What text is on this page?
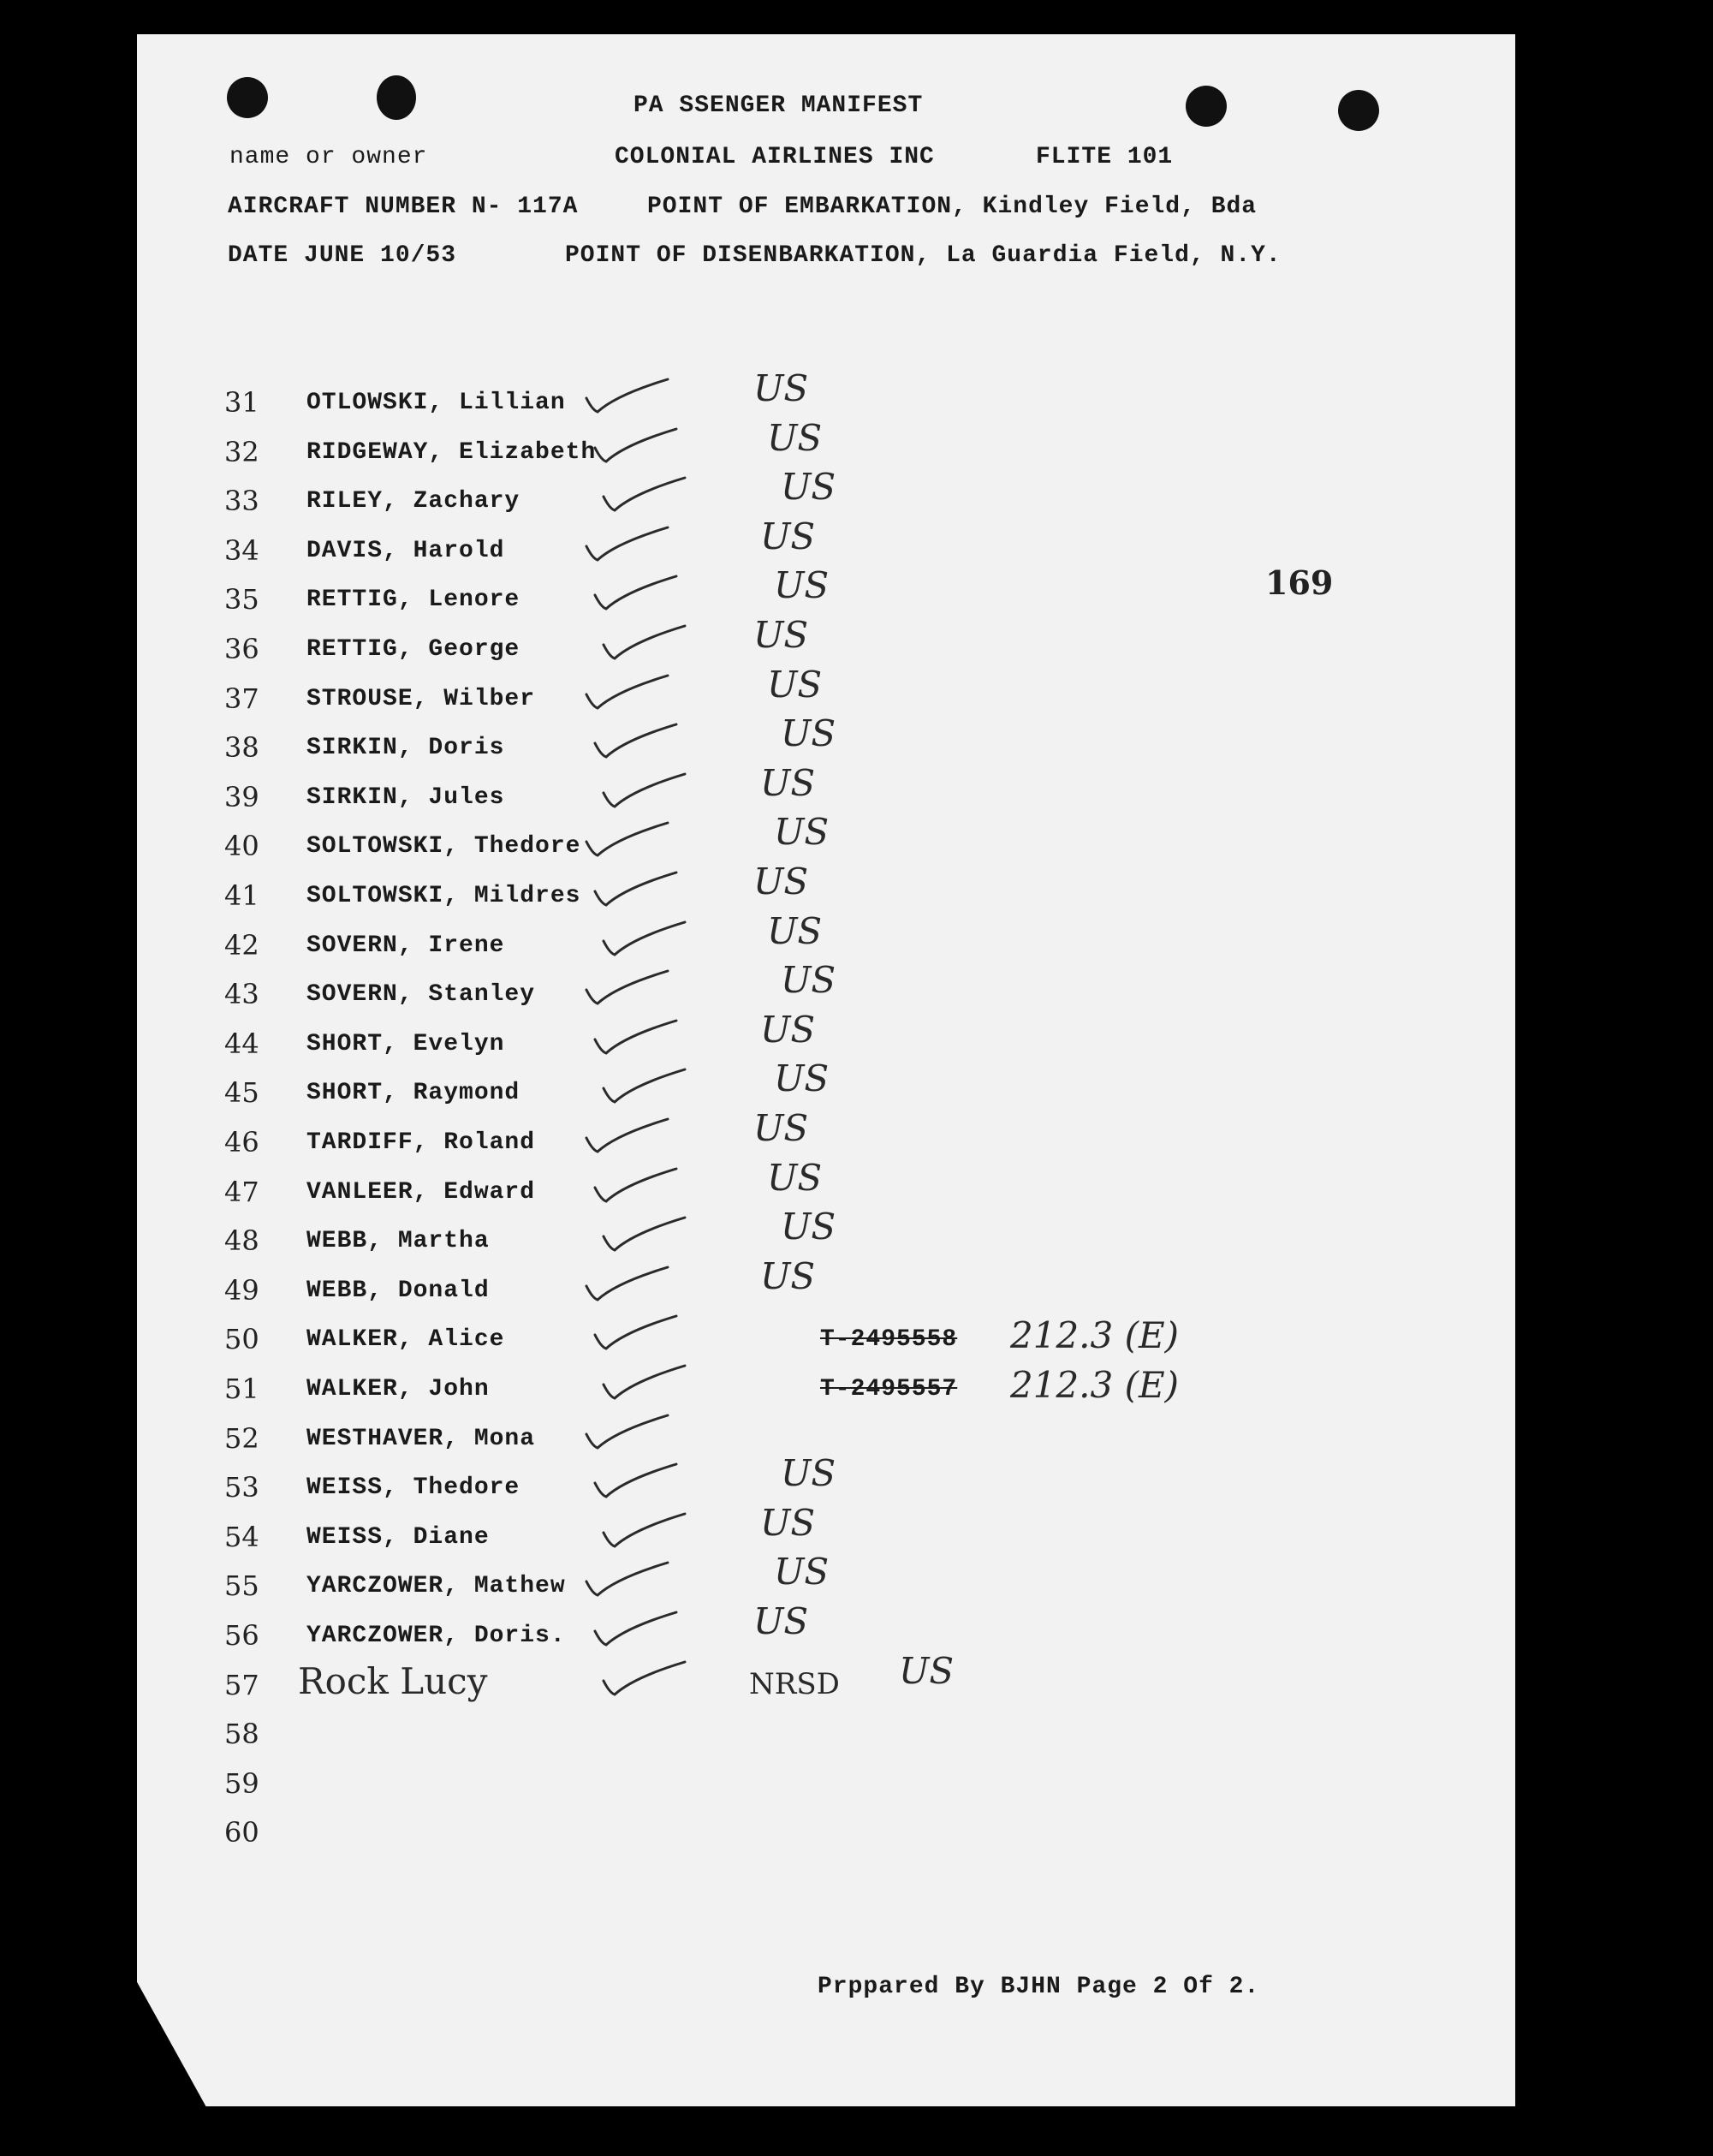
PA SSENGER MANIFEST
name or owner	COLONIAL AIRLINES INC	FLITE 101
AIRCRAFT NUMBER N- 117A	POINT OF EMBARKATION, Kindley Field, Bda
DATE JUNE 10/53	POINT OF DISENBARKATION, La Guardia Field, N.Y.
169
31	OTLOWSKI, Lillian	US
32	RIDGEWAY, Elizabeth	US
33	RILEY, Zachary	US
34	DAVIS, Harold	US
35	RETTIG, Lenore	US
36	RETTIG, George	US
37	STROUSE, Wilber	US
38	SIRKIN, Doris	US
39	SIRKIN, Jules	US
40	SOLTOWSKI, Thedore	US
41	SOLTOWSKI, Mildres	US
42	SOVERN, Irene	US
43	SOVERN, Stanley	US
44	SHORT, Evelyn	US
45	SHORT, Raymond	US
46	TARDIFF, Roland	US
47	VANLEER, Edward	US
48	WEBB, Martha	US
49	WEBB, Donald	US
50	WALKER, Alice	T-2495558 212.3 (E)
51	WALKER, John	T-2495557 212.3 (E)
52	WESTHAVER, Mona
53	WEISS, Thedore	US
54	WEISS, Diane	US
55	YARCZOWER, Mathew	US
56	YARCZOWER, Doris.	US
57	Rock Lucy	NRSD US
58
59
60
Prppared By BJHN Page 2 Of 2.
